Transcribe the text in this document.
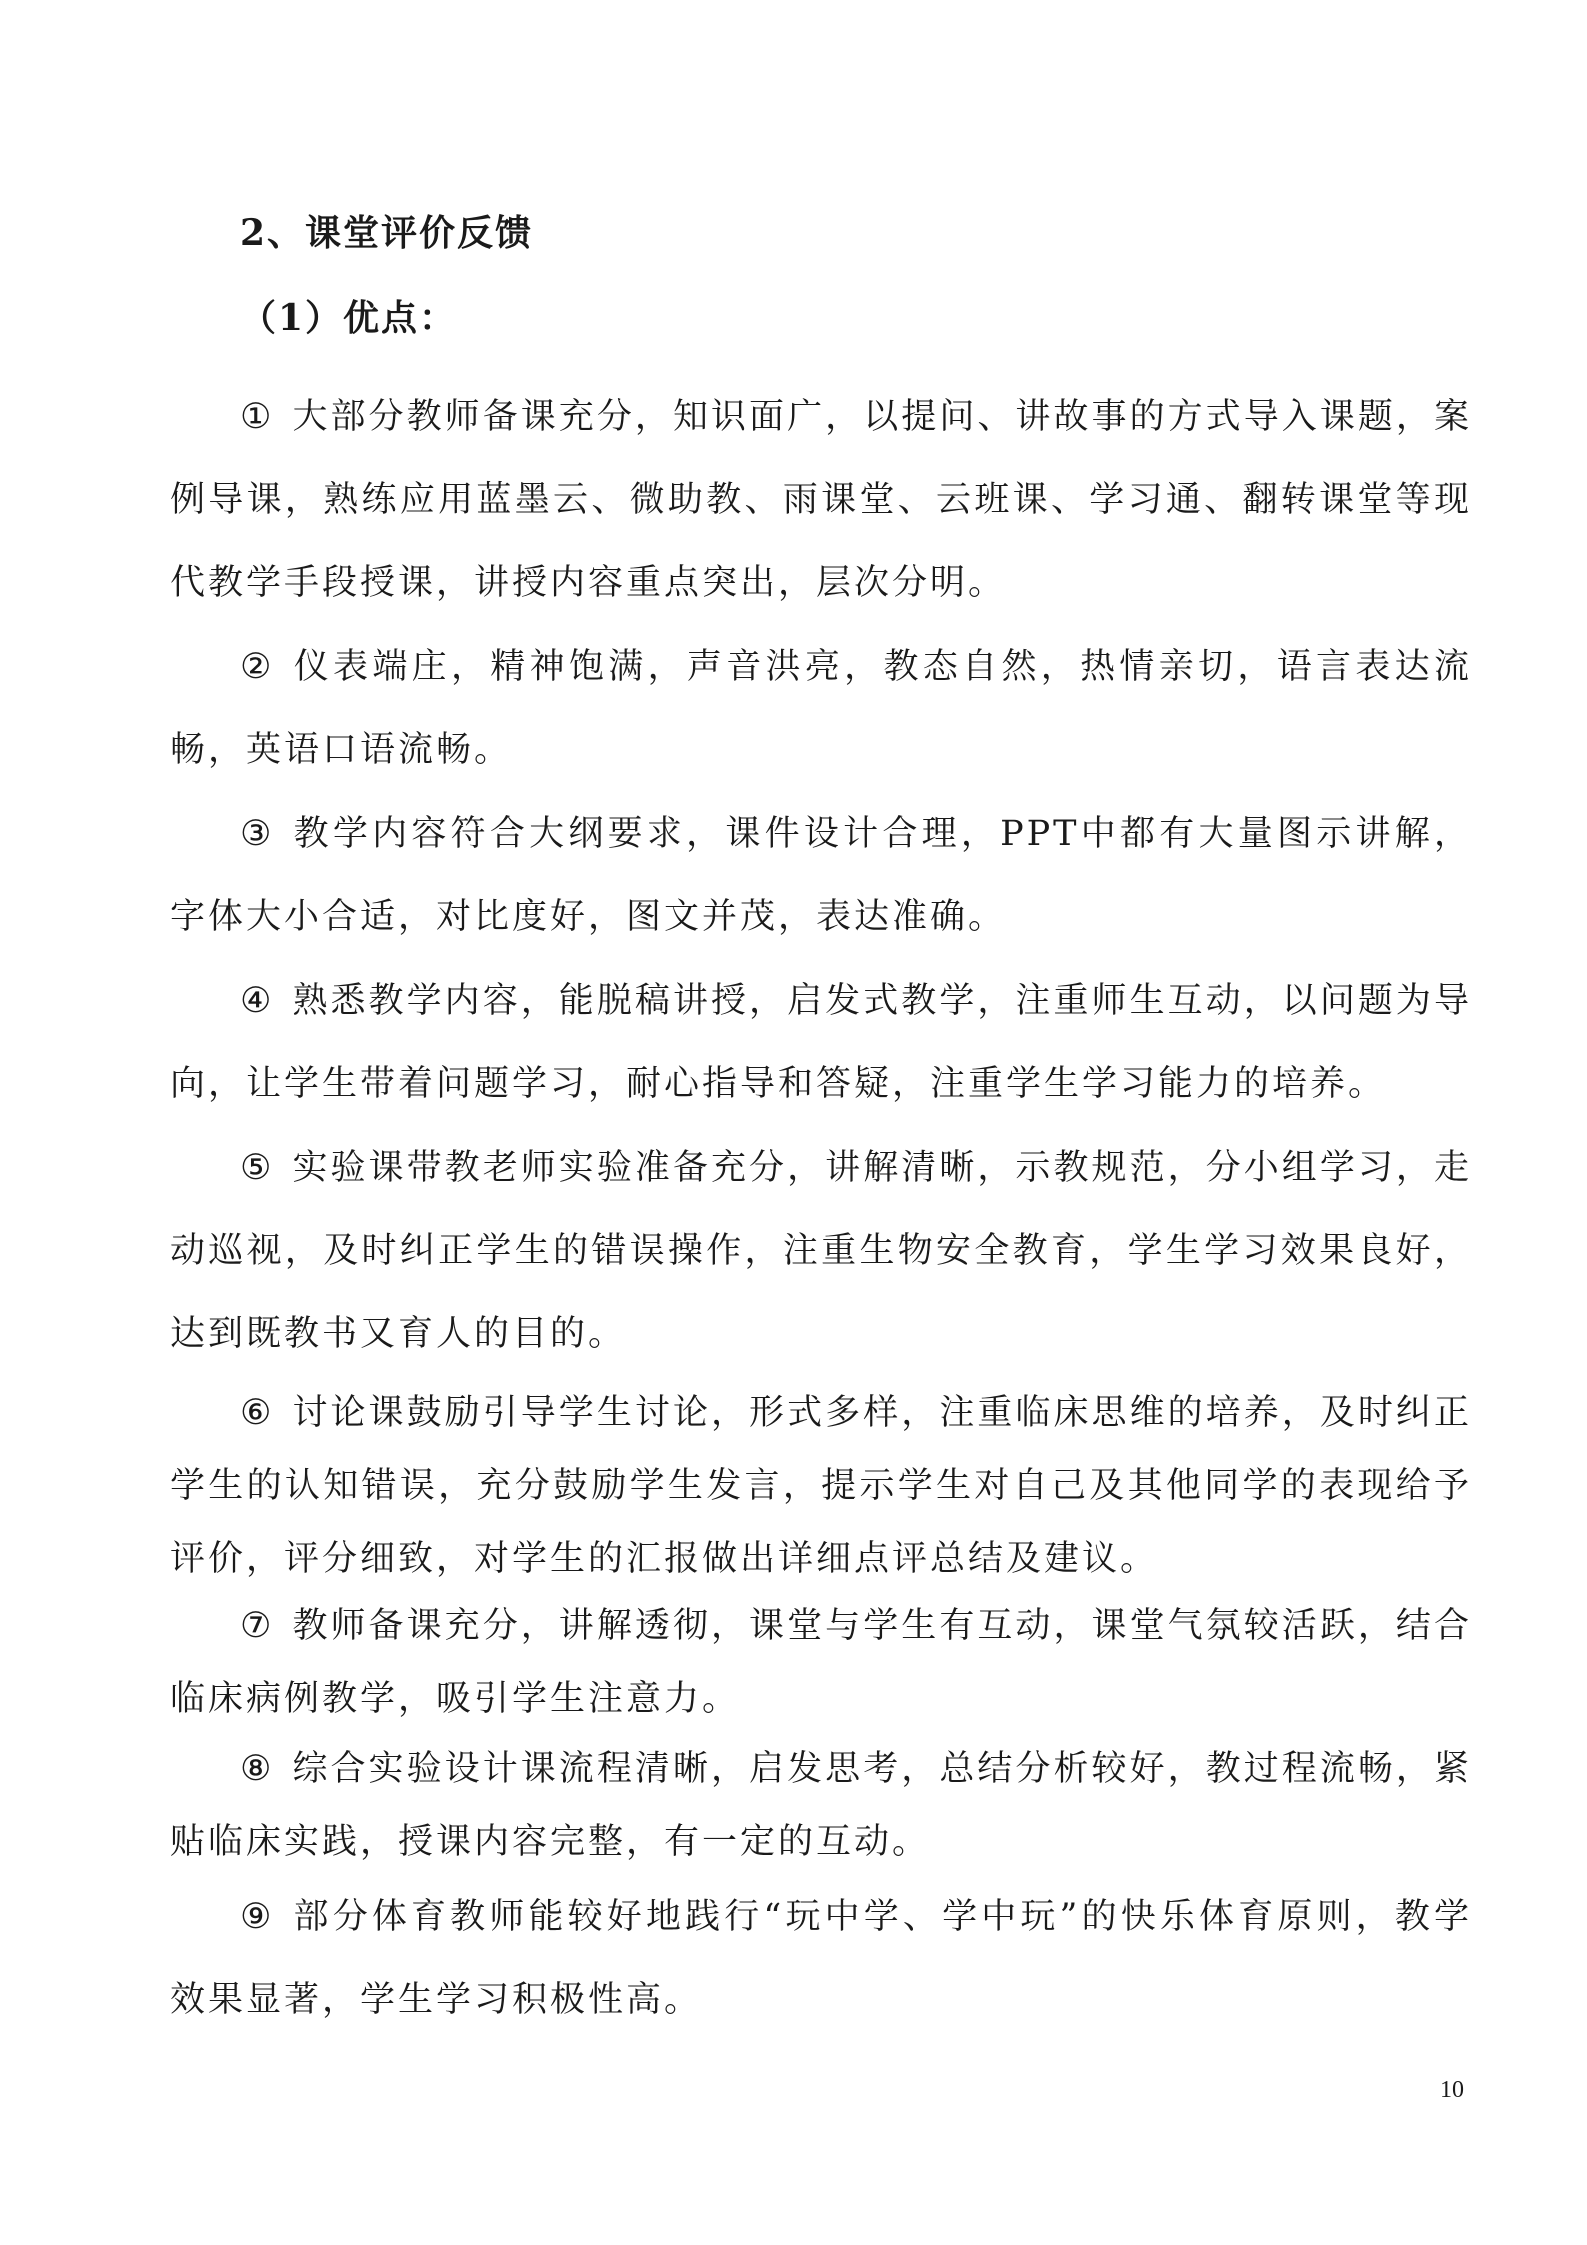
2、课堂评价反馈
（1）优点：

① 大部分教师备课充分，知识面广，以提问、讲故事的方式导入课题，案例导课，熟练应用蓝墨云、微助教、雨课堂、云班课、学习通、翻转课堂等现代教学手段授课，讲授内容重点突出，层次分明。

② 仪表端庄，精神饱满，声音洪亮，教态自然，热情亲切，语言表达流畅，英语口语流畅。

③ 教学内容符合大纲要求，课件设计合理，PPT中都有大量图示讲解，字体大小合适，对比度好，图文并茂，表达准确。

④ 熟悉教学内容，能脱稿讲授，启发式教学，注重师生互动，以问题为导向，让学生带着问题学习，耐心指导和答疑，注重学生学习能力的培养。

⑤ 实验课带教老师实验准备充分，讲解清晰，示教规范，分小组学习，走动巡视，及时纠正学生的错误操作，注重生物安全教育，学生学习效果良好，达到既教书又育人的目的。

⑥ 讨论课鼓励引导学生讨论，形式多样，注重临床思维的培养，及时纠正学生的认知错误，充分鼓励学生发言，提示学生对自己及其他同学的表现给予评价，评分细致，对学生的汇报做出详细点评总结及建议。

⑦ 教师备课充分，讲解透彻，课堂与学生有互动，课堂气氛较活跃，结合临床病例教学，吸引学生注意力。

⑧ 综合实验设计课流程清晰，启发思考，总结分析较好，教过程流畅，紧贴临床实践，授课内容完整，有一定的互动。

⑨ 部分体育教师能较好地践行“玩中学、学中玩”的快乐体育原则，教学效果显著，学生学习积极性高。

10
